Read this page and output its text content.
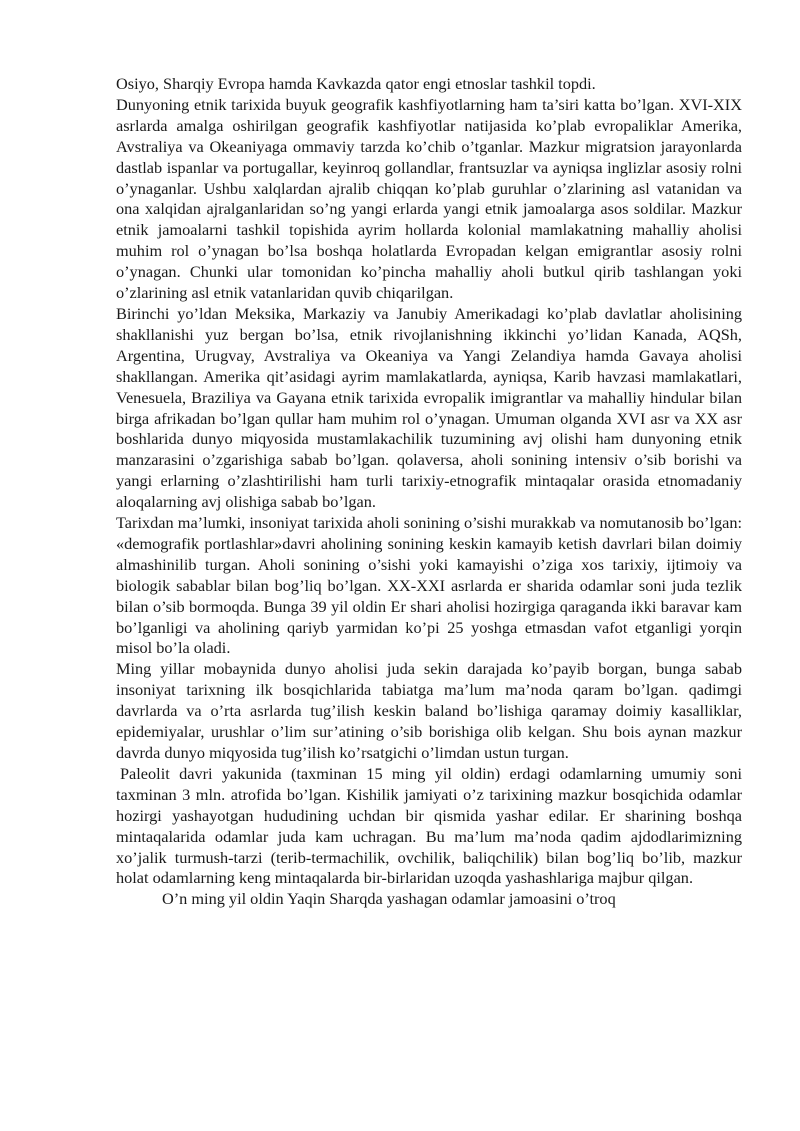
Osiyo, Sharqiy Evropa hamda Kavkazda qator engi etnoslar tashkil topdi.

Dunyoning etnik tarixida buyuk geografik kashfiyotlarning ham ta’siri katta bo’lgan. XVI-XIX asrlarda amalga oshirilgan geografik kashfiyotlar natijasida ko’plab evropaliklar Amerika, Avstraliya va Okeaniyaga ommaviy tarzda ko’chib o’tganlar. Mazkur migratsion jarayonlarda dastlab ispanlar va portugallar, keyinroq gollandlar, frantsuzlar va ayniqsa inglizlar asosiy rolni o’ynaganlar. Ushbu xalqlardan ajralib chiqqan ko’plab guruhlar o’zlarining asl vatanidan va ona xalqidan ajralganlaridan so’ng yangi erlarda yangi etnik jamoalarga asos soldilar. Mazkur etnik jamoalarni tashkil topishida ayrim hollarda kolonial mamlakatning mahalliy aholisi muhim rol o’ynagan bo’lsa boshqa holatlarda Evropadan kelgan emigrantlar asosiy rolni o’ynagan. Chunki ular tomonidan ko’pincha mahalliy aholi butkul qirib tashlangan yoki o’zlarining asl etnik vatanlaridan quvib chiqarilgan.

Birinchi yo’ldan Meksika, Markaziy va Janubiy Amerikadagi ko’plab davlatlar aholisining shakllanishi yuz bergan bo’lsa, etnik rivojlanishning ikkinchi yo’lidan Kanada, AQSh, Argentina, Urugvay, Avstraliya va Okeaniya va Yangi Zelandiya hamda Gavaya aholisi shakllangan. Amerika qit’asidagi ayrim mamlakatlarda, ayniqsa, Karib havzasi mamlakatlari, Venesuela, Braziliya va Gayana etnik tarixida evropalik imigrantlar va mahalliy hindular bilan birga afrikadan bo’lgan qullar ham muhim rol o’ynagan. Umuman olganda XVI asr va XX asr boshlarida dunyo miqyosida mustamlakachilik tuzumining avj olishi ham dunyoning etnik manzarasini o’zgarishiga sabab bo’lgan. qolaversa, aholi sonining intensiv o’sib borishi va yangi erlarning o’zlashtirilishi ham turli tarixiy-etnografik mintaqalar orasida etnomadaniy aloqalarning avj olishiga sabab bo’lgan.

Tarixdan ma’lumki, insoniyat tarixida aholi sonining o’sishi murakkab va nomutanosib bo’lgan: «demografik portlashlar»davri aholining sonining keskin kamayib ketish davrlari bilan doimiy almashinilib turgan. Aholi sonining o’sishi yoki kamayishi o’ziga xos tarixiy, ijtimoiy va biologik sabablar bilan bog’liq bo’lgan. XX-XXI asrlarda er sharida odamlar soni juda tezlik bilan o’sib bormoqda. Bunga 39 yil oldin Er shari aholisi hozirgiga qaraganda ikki baravar kam bo’lganligi va aholining qariyb yarmidan ko’pi 25 yoshga etmasdan vafot etganligi yorqin misol bo’la oladi.

Ming yillar mobaynida dunyo aholisi juda sekin darajada ko’payib borgan, bunga sabab insoniyat tarixning ilk bosqichlarida tabiatga ma’lum ma’noda qaram bo’lgan. qadimgi davrlarda va o’rta asrlarda tug’ilish keskin baland bo’lishiga qaramay doimiy kasalliklar, epidemiyalar, urushlar o’lim sur’atining o’sib borishiga olib kelgan. Shu bois aynan mazkur davrda dunyo miqyosida tug’ilish ko’rsatgichi o’limdan ustun turgan.

Paleolit davri yakunida (taxminan 15 ming yil oldin) erdagi odamlarning umumiy soni taxminan 3 mln. atrofida bo’lgan. Kishilik jamiyati o’z tarixining mazkur bosqichida odamlar hozirgi yashayotgan hududining uchdan bir qismida yashar edilar. Er sharining boshqa mintaqalarida odamlar juda kam uchragan. Bu ma’lum ma’noda qadim ajdodlarimizning xo’jalik turmush-tarzi (terib-termachilik, ovchilik, baliqchilik) bilan bog’liq bo’lib, mazkur holat odamlarning keng mintaqalarda bir-birlaridan uzoqda yashashlariga majbur qilgan.

O’n ming yil oldin Yaqin Sharqda yashagan odamlar jamoasini o’troq
